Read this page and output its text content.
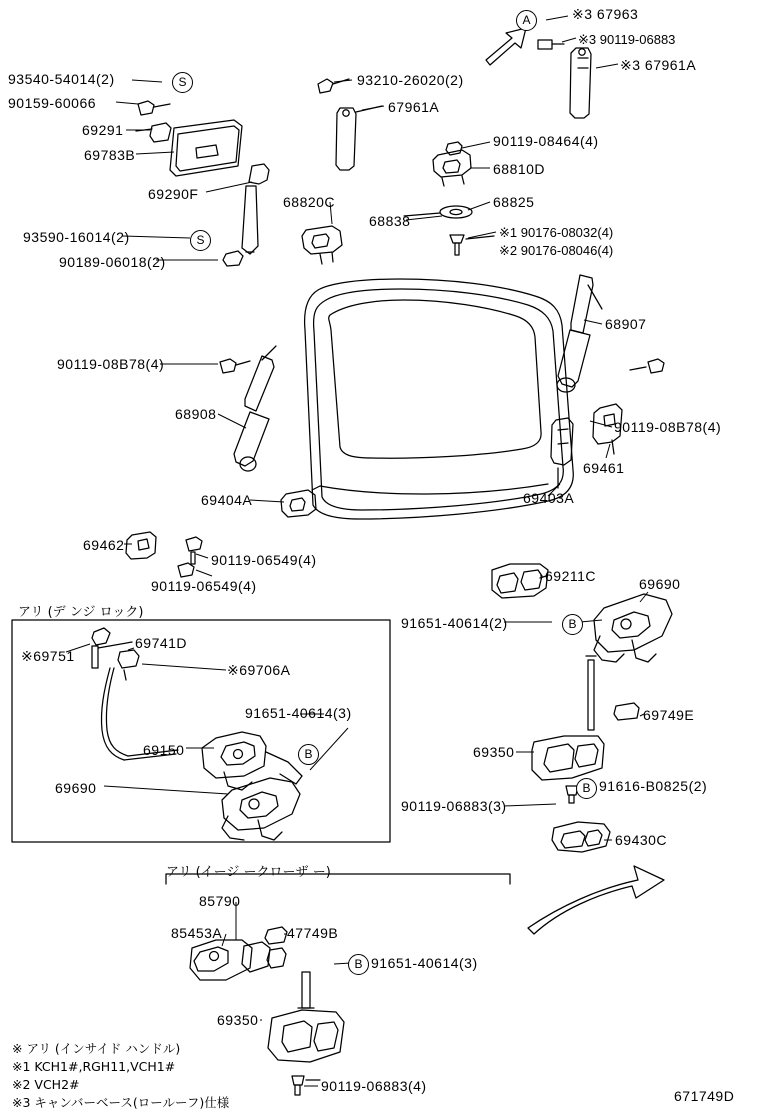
A
S
S
B
B
B
B
※3 67963
※3 90119-06883
※3 67961A
93210-26020(2)
67961A
93540-54014(2)
90159-60066
69291
69783B
69290F	68820C
68838
90119-08464(4)
68810D
68825
※1 90176-08032(4)
※2 90176-08046(4)
93590-16014(2)
90189-06018(2)
68907
90119-08B78(4)
68908
90119-08B78(4)
69461
69403A
69404A
69462
90119-06549(4)
90119-06549(4)
69211C	69690
91651-40614(2)
※69751
69741D
※69706A
91651-40614(3)	69749E
69150	69350
69690	91616-B0825(2)
90119-06883(3)
69430C
85790
85453A	47749B
91651-40614(3)
69350
90119-06883(4)
アリ (デ ンジ ロック)
アリ (イージ ークローザ ー)
※ アリ (インサイド ハンドル)
※1 KCH1#,RGH11,VCH1#
※2 VCH2#
※3 キャンバーベース(ロールーフ)仕様	671749D
